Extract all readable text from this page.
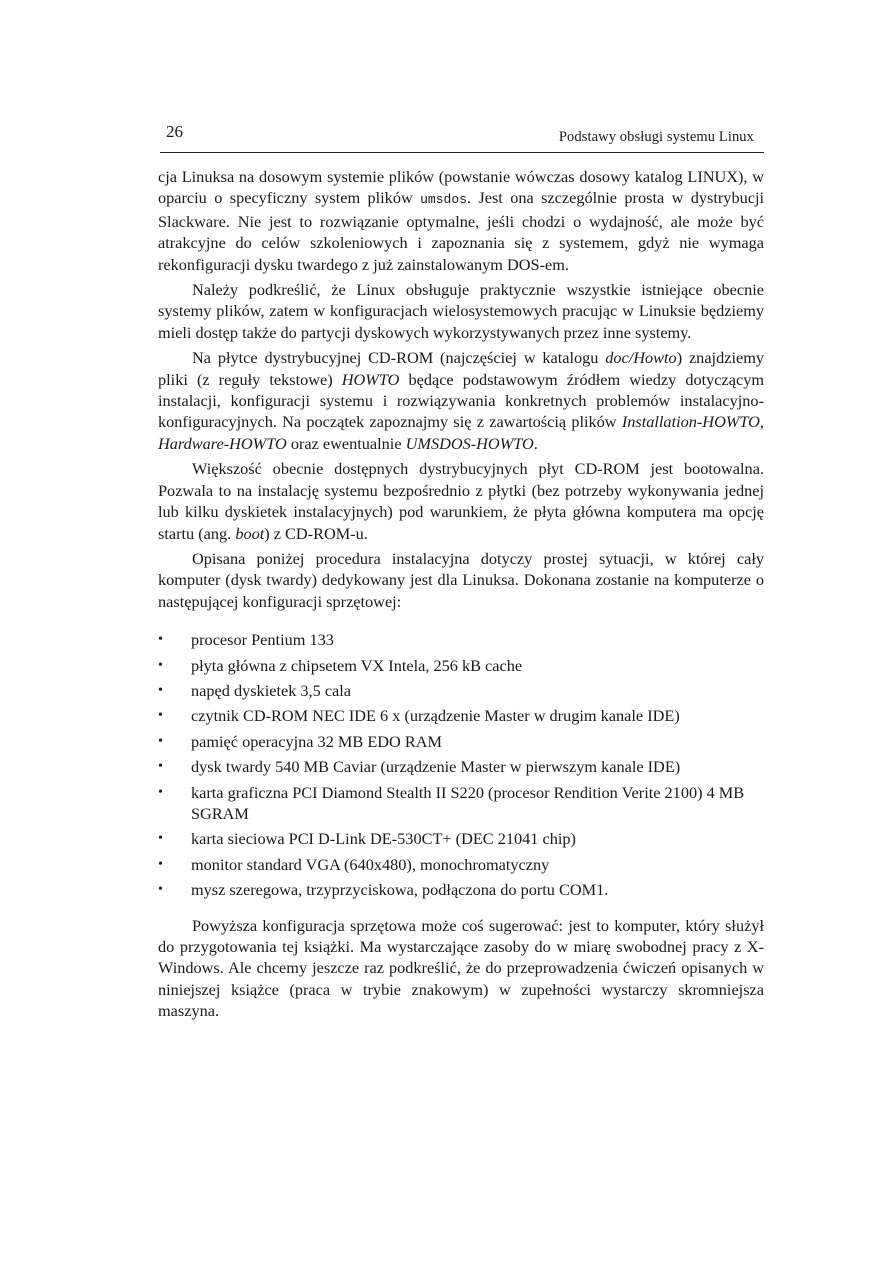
26	Podstawy obsługi systemu Linux

cja Linuksa na dosowym systemie plików (powstanie wówczas dosowy katalog LINUX), w oparciu o specyficzny system plików umsdos. Jest ona szczególnie prosta w dystrybucji Slackware. Nie jest to rozwiązanie optymalne, jeśli chodzi o wydajność, ale może być atrakcyjne do celów szkoleniowych i zapoznania się z systemem, gdyż nie wymaga rekonfiguracji dysku twardego z już zainstalowanym DOS-em.

Należy podkreślić, że Linux obsługuje praktycznie wszystkie istniejące obecnie systemy plików, zatem w konfiguracjach wielosystemowych pracując w Linuksie będziemy mieli dostęp także do partycji dyskowych wykorzystywanych przez inne systemy.

Na płytce dystrybucyjnej CD-ROM (najczęściej w katalogu doc/Howto) znajdziemy pliki (z reguły tekstowe) HOWTO będące podstawowym źródłem wiedzy dotyczącym instalacji, konfiguracji systemu i rozwiązywania konkretnych problemów instalacyjno-konfiguracyjnych. Na początek zapoznajmy się z zawartością plików Installation-HOWTO, Hardware-HOWTO oraz ewentualnie UMSDOS-HOWTO.

Większość obecnie dostępnych dystrybucyjnych płyt CD-ROM jest bootowalna. Pozwala to na instalację systemu bezpośrednio z płytki (bez potrzeby wykonywania jednej lub kilku dyskietek instalacyjnych) pod warunkiem, że płyta główna komputera ma opcję startu (ang. boot) z CD-ROM-u.

Opisana poniżej procedura instalacyjna dotyczy prostej sytuacji, w której cały komputer (dysk twardy) dedykowany jest dla Linuksa. Dokonana zostanie na komputerze o następującej konfiguracji sprzętowej:

• procesor Pentium 133
• płyta główna z chipsetem VX Intela, 256 kB cache
• napęd dyskietek 3,5 cala
• czytnik CD-ROM NEC IDE 6 x (urządzenie Master w drugim kanale IDE)
• pamięć operacyjna 32 MB EDO RAM
• dysk twardy 540 MB Caviar (urządzenie Master w pierwszym kanale IDE)
• karta graficzna PCI Diamond Stealth II S220 (procesor Rendition Verite 2100) 4 MB SGRAM
• karta sieciowa PCI D-Link DE-530CT+ (DEC 21041 chip)
• monitor standard VGA (640x480), monochromatyczny
• mysz szeregowa, trzyprzyciskowa, podłączona do portu COM1.

Powyższa konfiguracja sprzętowa może coś sugerować: jest to komputer, który służył do przygotowania tej książki. Ma wystarczające zasoby do w miarę swobodnej pracy z X-Windows. Ale chcemy jeszcze raz podkreślić, że do przeprowadzenia ćwiczeń opisanych w niniejszej książce (praca w trybie znakowym) w zupełności wystarczy skromniejsza maszyna.
